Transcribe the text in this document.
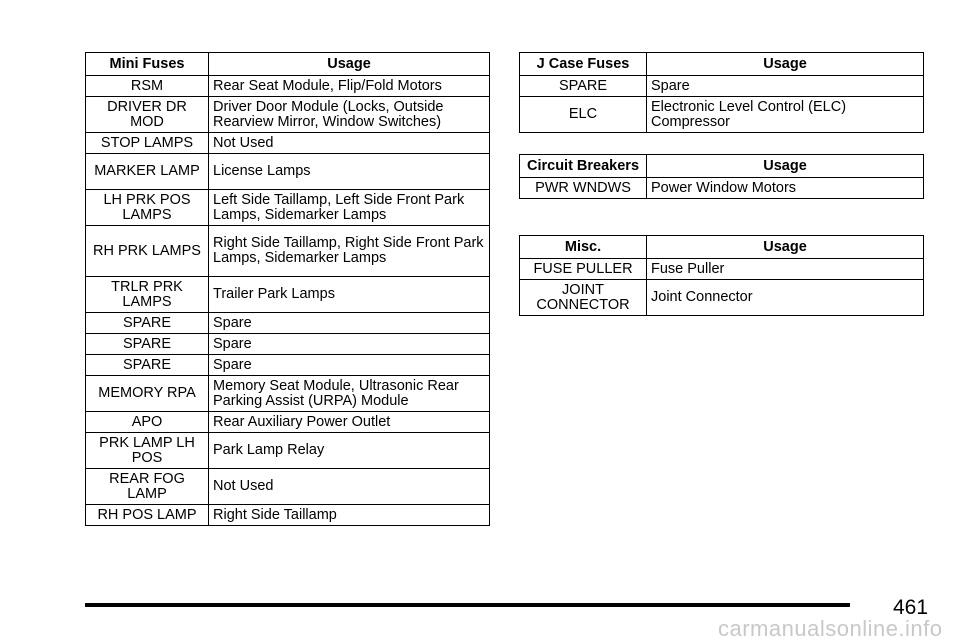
Mini Fuses	Usage
RSM	Rear Seat Module, Flip/Fold Motors
DRIVER DR MOD	Driver Door Module (Locks, Outside Rearview Mirror, Window Switches)
STOP LAMPS	Not Used
MARKER LAMP	License Lamps
LH PRK POS LAMPS	Left Side Taillamp, Left Side Front Park Lamps, Sidemarker Lamps
RH PRK LAMPS	Right Side Taillamp, Right Side Front Park Lamps, Sidemarker Lamps
TRLR PRK LAMPS	Trailer Park Lamps
SPARE	Spare
SPARE	Spare
SPARE	Spare
MEMORY RPA	Memory Seat Module, Ultrasonic Rear Parking Assist (URPA) Module
APO	Rear Auxiliary Power Outlet
PRK LAMP LH POS	Park Lamp Relay
REAR FOG LAMP	Not Used
RH POS LAMP	Right Side Taillamp
J Case Fuses	Usage
SPARE	Spare
ELC	Electronic Level Control (ELC) Compressor
Circuit Breakers	Usage
PWR WNDWS	Power Window Motors
Misc.	Usage
FUSE PULLER	Fuse Puller
JOINT CONNECTOR	Joint Connector
461
carmanualsonline.info
